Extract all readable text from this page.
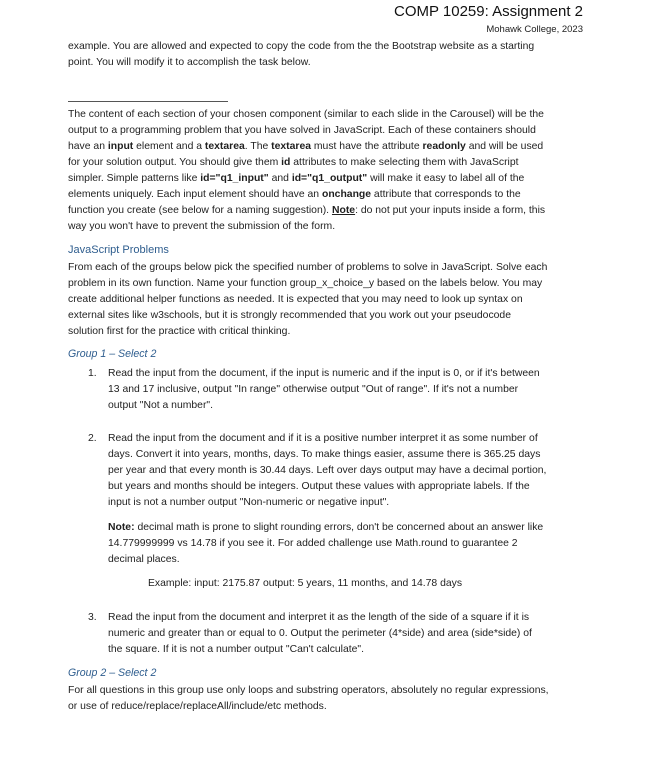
COMP 10259: Assignment 2
Mohawk College, 2023
example. You are allowed and expected to copy the code from the the Bootstrap website as a starting
point. You will modify it to accomplish the task below.
The content of each section of your chosen component (similar to each slide in the Carousel) will be the
output to a programming problem that you have solved in JavaScript. Each of these containers should
have an input element and a textarea. The textarea must have the attribute readonly and will be used
for your solution output. You should give them id attributes to make selecting them with JavaScript
simpler. Simple patterns like id="q1_input" and id="q1_output" will make it easy to label all of the
elements uniquely. Each input element should have an onchange attribute that corresponds to the
function you create (see below for a naming suggestion). Note: do not put your inputs inside a form, this
way you won't have to prevent the submission of the form.
JavaScript Problems
From each of the groups below pick the specified number of problems to solve in JavaScript. Solve each
problem in its own function. Name your function group_x_choice_y based on the labels below. You may
create additional helper functions as needed. It is expected that you may need to look up syntax on
external sites like w3schools, but it is strongly recommended that you work out your pseudocode
solution first for the practice with critical thinking.
Group 1 – Select 2
1. Read the input from the document, if the input is numeric and if the input is 0, or if it's between
13 and 17 inclusive, output "In range" otherwise output "Out of range". If it's not a number
output "Not a number".
2. Read the input from the document and if it is a positive number interpret it as some number of
days. Convert it into years, months, days. To make things easier, assume there is 365.25 days
per year and that every month is 30.44 days. Left over days output may have a decimal portion,
but years and months should be integers. Output these values with appropriate labels. If the
input is not a number output "Non-numeric or negative input".
Note: decimal math is prone to slight rounding errors, don't be concerned about an answer like
14.779999999 vs 14.78 if you see it. For added challenge use Math.round to guarantee 2
decimal places.
Example: input: 2175.87 output: 5 years, 11 months, and 14.78 days
3. Read the input from the document and interpret it as the length of the side of a square if it is
numeric and greater than or equal to 0. Output the perimeter (4*side) and area (side*side) of
the square. If it is not a number output "Can't calculate".
Group 2 – Select 2
For all questions in this group use only loops and substring operators, absolutely no regular expressions,
or use of reduce/replace/replaceAll/include/etc methods.
